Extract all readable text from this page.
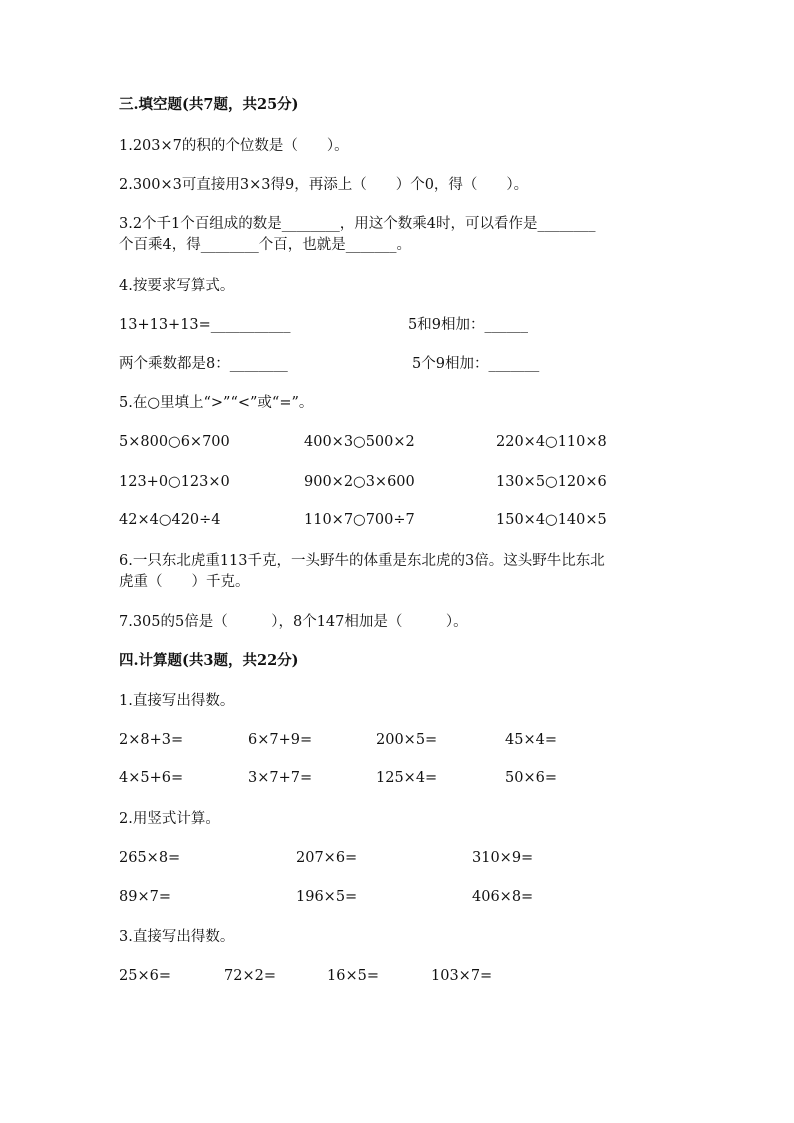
三.填空题(共7题，共25分)
1.203×7的积的个位数是（　　）。
2.300×3可直接用3×3得9，再添上（　　）个0，得（　　）。
3.2个千1个百组成的数是________，用这个数乘4时，可以看作是________
个百乘4，得________个百，也就是_______。
4.按要求写算式。
13+13+13=___________	5和9相加：______
两个乘数都是8：________	5个9相加：_______
5.在○里填上“>”“<”或“=”。
5×800○6×700	400×3○500×2	220×4○110×8
123+0○123×0	900×2○3×600	130×5○120×6
42×4○420÷4	110×7○700÷7	150×4○140×5
6.一只东北虎重113千克，一头野牛的体重是东北虎的3倍。这头野牛比东北
虎重（　　）千克。
7.305的5倍是（　　　），8个147相加是（　　　）。
四.计算题(共3题，共22分)
1.直接写出得数。
2×8+3=	6×7+9=	200×5=	45×4=
4×5+6=	3×7+7=	125×4=	50×6=
2.用竖式计算。
265×8=	207×6=	310×9=
89×7=	196×5=	406×8=
3.直接写出得数。
25×6=	72×2=	16×5=	103×7=
